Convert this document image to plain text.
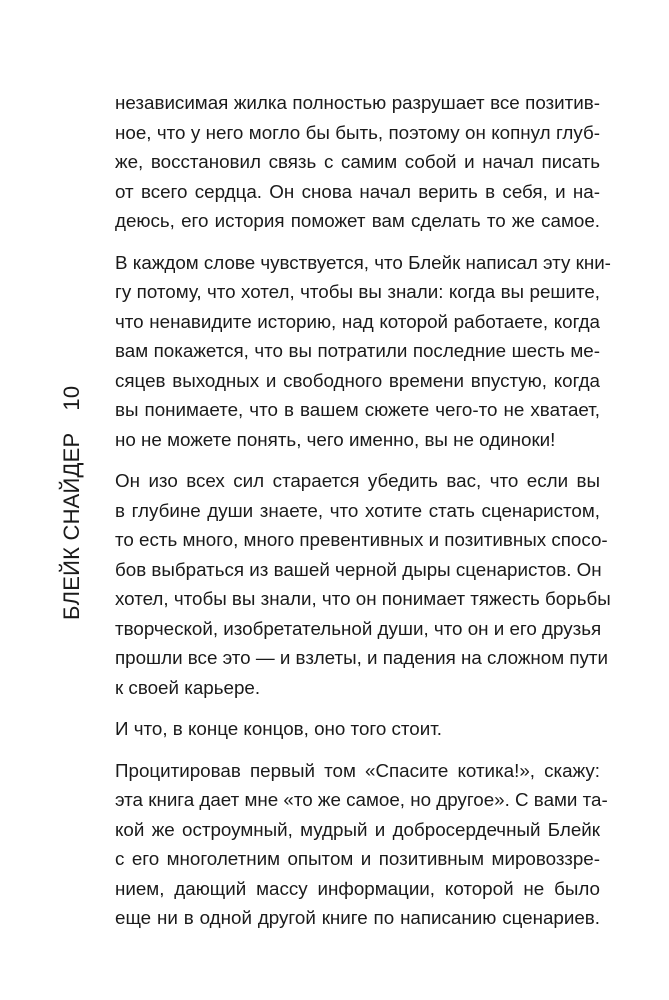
БЛЕЙК СНАЙДЕР
10

независимая жилка полностью разрушает все позитив-
ное, что у него могло бы быть, поэтому он копнул глуб-
же, восстановил связь с самим собой и начал писать
от всего сердца. Он снова начал верить в себя, и на-
деюсь, его история поможет вам сделать то же самое.

В каждом слове чувствуется, что Блейк написал эту кни-
гу потому, что хотел, чтобы вы знали: когда вы решите,
что ненавидите историю, над которой работаете, когда
вам покажется, что вы потратили последние шесть ме-
сяцев выходных и свободного времени впустую, когда
вы понимаете, что в вашем сюжете чего-то не хватает,
но не можете понять, чего именно, вы не одиноки!

Он изо всех сил старается убедить вас, что если вы
в глубине души знаете, что хотите стать сценаристом,
то есть много, много превентивных и позитивных спосо-
бов выбраться из вашей черной дыры сценаристов. Он
хотел, чтобы вы знали, что он понимает тяжесть борьбы
творческой, изобретательной души, что он и его друзья
прошли все это — и взлеты, и падения на сложном пути
к своей карьере.

И что, в конце концов, оно того стоит.

Процитировав первый том «Спасите котика!», скажу:
эта книга дает мне «то же самое, но другое». С вами та-
кой же остроумный, мудрый и добросердечный Блейк
с его многолетним опытом и позитивным мировоззре-
нием, дающий массу информации, которой не было
еще ни в одной другой книге по написанию сценариев.
